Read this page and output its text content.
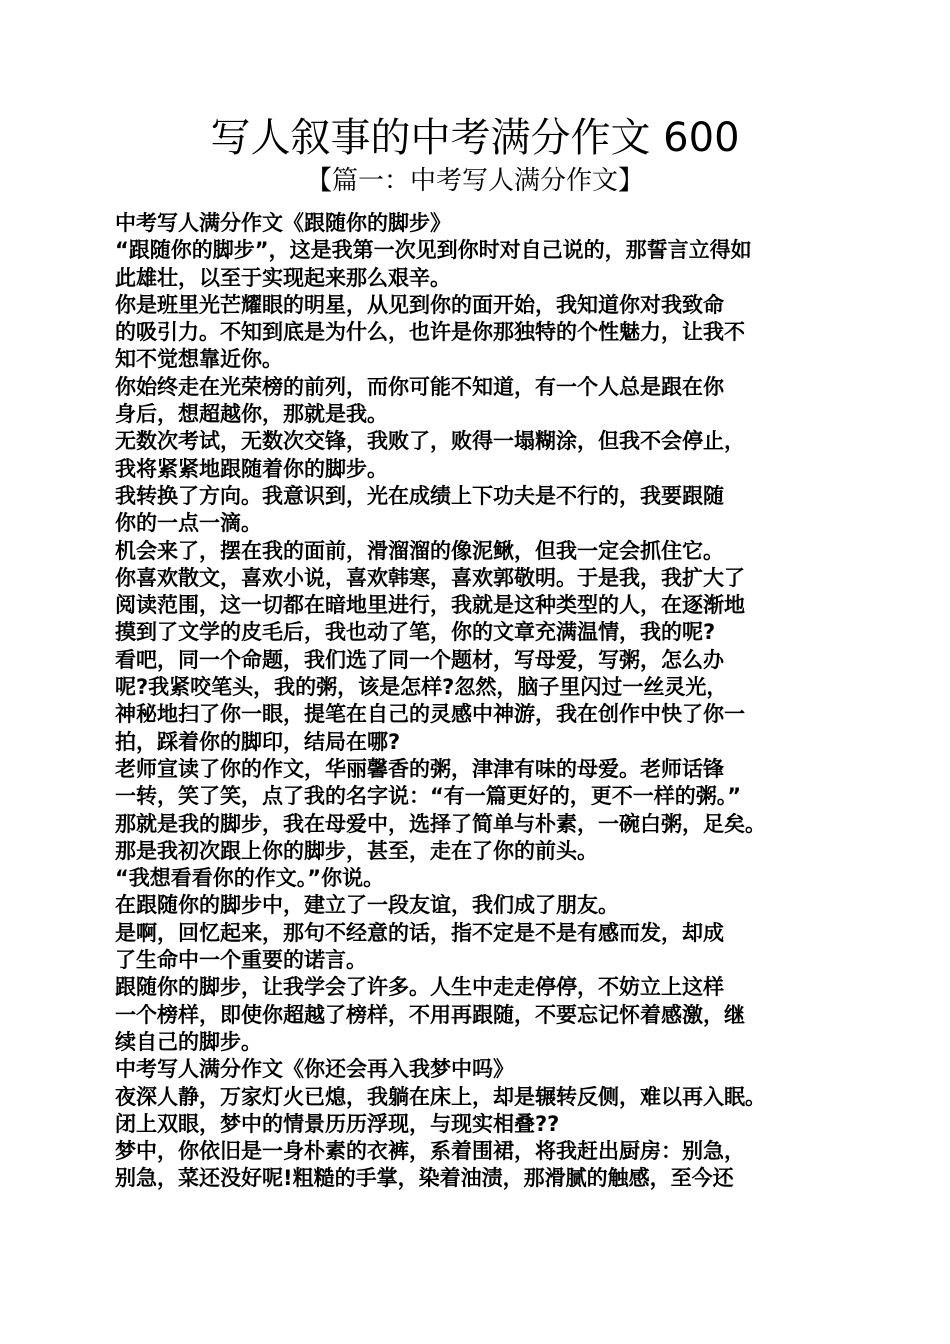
写人叙事的中考满分作文 600
【篇一：中考写人满分作文】
中考写人满分作文《跟随你的脚步》
“跟随你的脚步”，这是我第一次见到你时对自己说的，那誓言立得如
此雄壮，以至于实现起来那么艰辛。
你是班里光芒耀眼的明星，从见到你的面开始，我知道你对我致命
的吸引力。不知到底是为什么，也许是你那独特的个性魅力，让我不
知不觉想靠近你。
你始终走在光荣榜的前列，而你可能不知道，有一个人总是跟在你
身后，想超越你，那就是我。
无数次考试，无数次交锋，我败了，败得一塌糊涂，但我不会停止，
我将紧紧地跟随着你的脚步。
我转换了方向。我意识到，光在成绩上下功夫是不行的，我要跟随
你的一点一滴。
机会来了，摆在我的面前，滑溜溜的像泥鳅，但我一定会抓住它。
你喜欢散文，喜欢小说，喜欢韩寒，喜欢郭敬明。于是我，我扩大了
阅读范围，这一切都在暗地里进行，我就是这种类型的人，在逐渐地
摸到了文学的皮毛后，我也动了笔，你的文章充满温情，我的呢?
看吧，同一个命题，我们选了同一个题材，写母爱，写粥，怎么办
呢?我紧咬笔头，我的粥，该是怎样?忽然，脑子里闪过一丝灵光，
神秘地扫了你一眼，提笔在自己的灵感中神游，我在创作中快了你一
拍，踩着你的脚印，结局在哪?
老师宣读了你的作文，华丽馨香的粥，津津有味的母爱。老师话锋
一转，笑了笑，点了我的名字说：“有一篇更好的，更不一样的粥。”
那就是我的脚步，我在母爱中，选择了简单与朴素，一碗白粥，足矣。
那是我初次跟上你的脚步，甚至，走在了你的前头。
“我想看看你的作文。”你说。
在跟随你的脚步中，建立了一段友谊，我们成了朋友。
是啊，回忆起来，那句不经意的话，指不定是不是有感而发，却成
了生命中一个重要的诺言。
跟随你的脚步，让我学会了许多。人生中走走停停，不妨立上这样
一个榜样，即使你超越了榜样，不用再跟随，不要忘记怀着感激，继
续自己的脚步。
中考写人满分作文《你还会再入我梦中吗》
夜深人静，万家灯火已熄，我躺在床上，却是辗转反侧，难以再入眠。
闭上双眼，梦中的情景历历浮现，与现实相叠??
梦中，你依旧是一身朴素的衣裤，系着围裙，将我赶出厨房：别急，
别急，菜还没好呢!粗糙的手掌，染着油渍，那滑腻的触感，至今还
